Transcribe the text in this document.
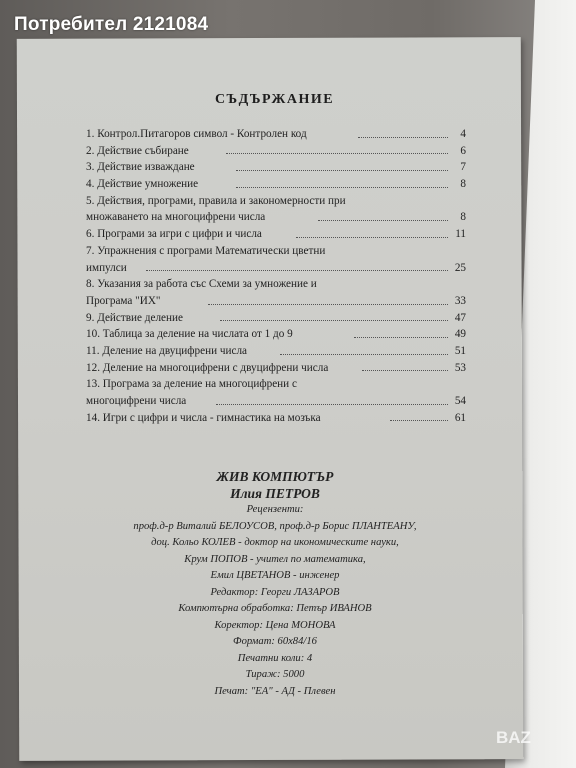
Потребител 2121084
СЪДЪРЖАНИЕ
1. Контрол.Питагоров символ - Контролен код	4
2. Действие събиране	6
3. Действие изваждане	7
4. Действие умножение	8
5. Действия, програми, правила и закономерности при
множаването на многоцифрени числа	8
6. Програми за игри с цифри и числа	11
7. Упражнения с програми Математически цветни
импулси	25
8. Указания за работа със Схеми за умножение и
Програма "ИХ"	33
9. Действие деление	47
10. Таблица за деление на числата от 1 до 9	49
11. Деление на двуцифрени числа	51
12. Деление на многоцифрени с двуцифрени числа	53
13. Програма за деление на многоцифрени с
многоцифрени числа	54
14. Игри с цифри и числа - гимнастика на мозъка	61
ЖИВ КОМПЮТЪР
Илия ПЕТРОВ
Рецензенти:
проф.д-р Виталий БЕЛОУСОВ, проф.д-р Борис ПЛАНТЕАНУ,
доц. Кольо КОЛЕВ - доктор на икономическите науки,
Крум ПОПОВ - учител по математика,
Емил ЦВЕТАНОВ - инженер
Редактор: Георги ЛАЗАРОВ
Компютърна обработка: Петър ИВАНОВ
Коректор: Цена МОНОВА
Формат: 60х84/16
Печатни коли: 4
Тираж: 5000
Печат: "ЕА" - АД - Плевен
BAZ
